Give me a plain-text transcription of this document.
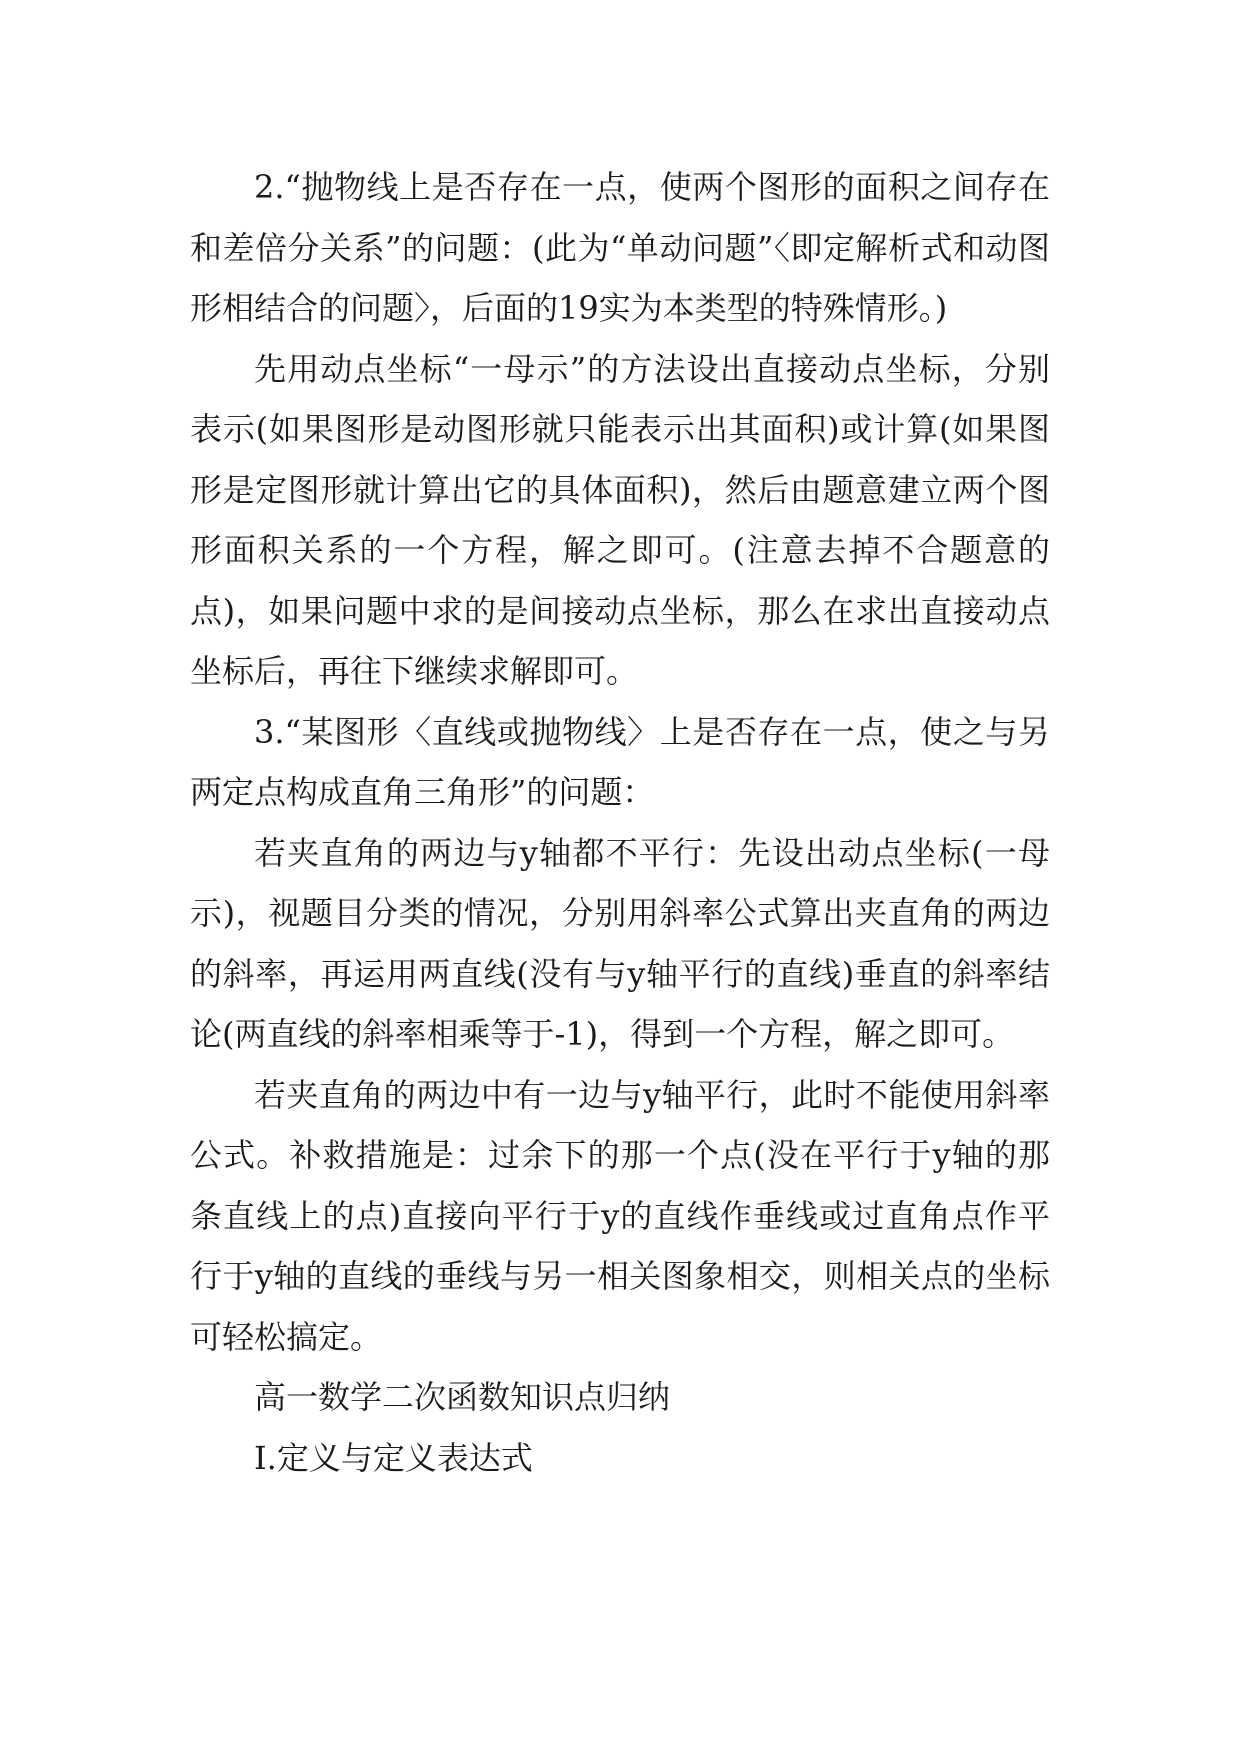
2.“抛物线上是否存在一点，使两个图形的面积之间存在和差倍分关系”的问题：(此为“单动问题”〈即定解析式和动图形相结合的问题〉，后面的19实为本类型的特殊情形。)

先用动点坐标“一母示”的方法设出直接动点坐标，分别表示(如果图形是动图形就只能表示出其面积)或计算(如果图形是定图形就计算出它的具体面积)，然后由题意建立两个图形面积关系的一个方程，解之即可。(注意去掉不合题意的点)，如果问题中求的是间接动点坐标，那么在求出直接动点坐标后，再往下继续求解即可。

3.“某图形〈直线或抛物线〉上是否存在一点，使之与另两定点构成直角三角形”的问题：

若夹直角的两边与y轴都不平行：先设出动点坐标(一母示)，视题目分类的情况，分别用斜率公式算出夹直角的两边的斜率，再运用两直线(没有与y轴平行的直线)垂直的斜率结论(两直线的斜率相乘等于-1)，得到一个方程，解之即可。

若夹直角的两边中有一边与y轴平行，此时不能使用斜率公式。补救措施是：过余下的那一个点(没在平行于y轴的那条直线上的点)直接向平行于y的直线作垂线或过直角点作平行于y轴的直线的垂线与另一相关图象相交，则相关点的坐标可轻松搞定。

高一数学二次函数知识点归纳

I.定义与定义表达式
